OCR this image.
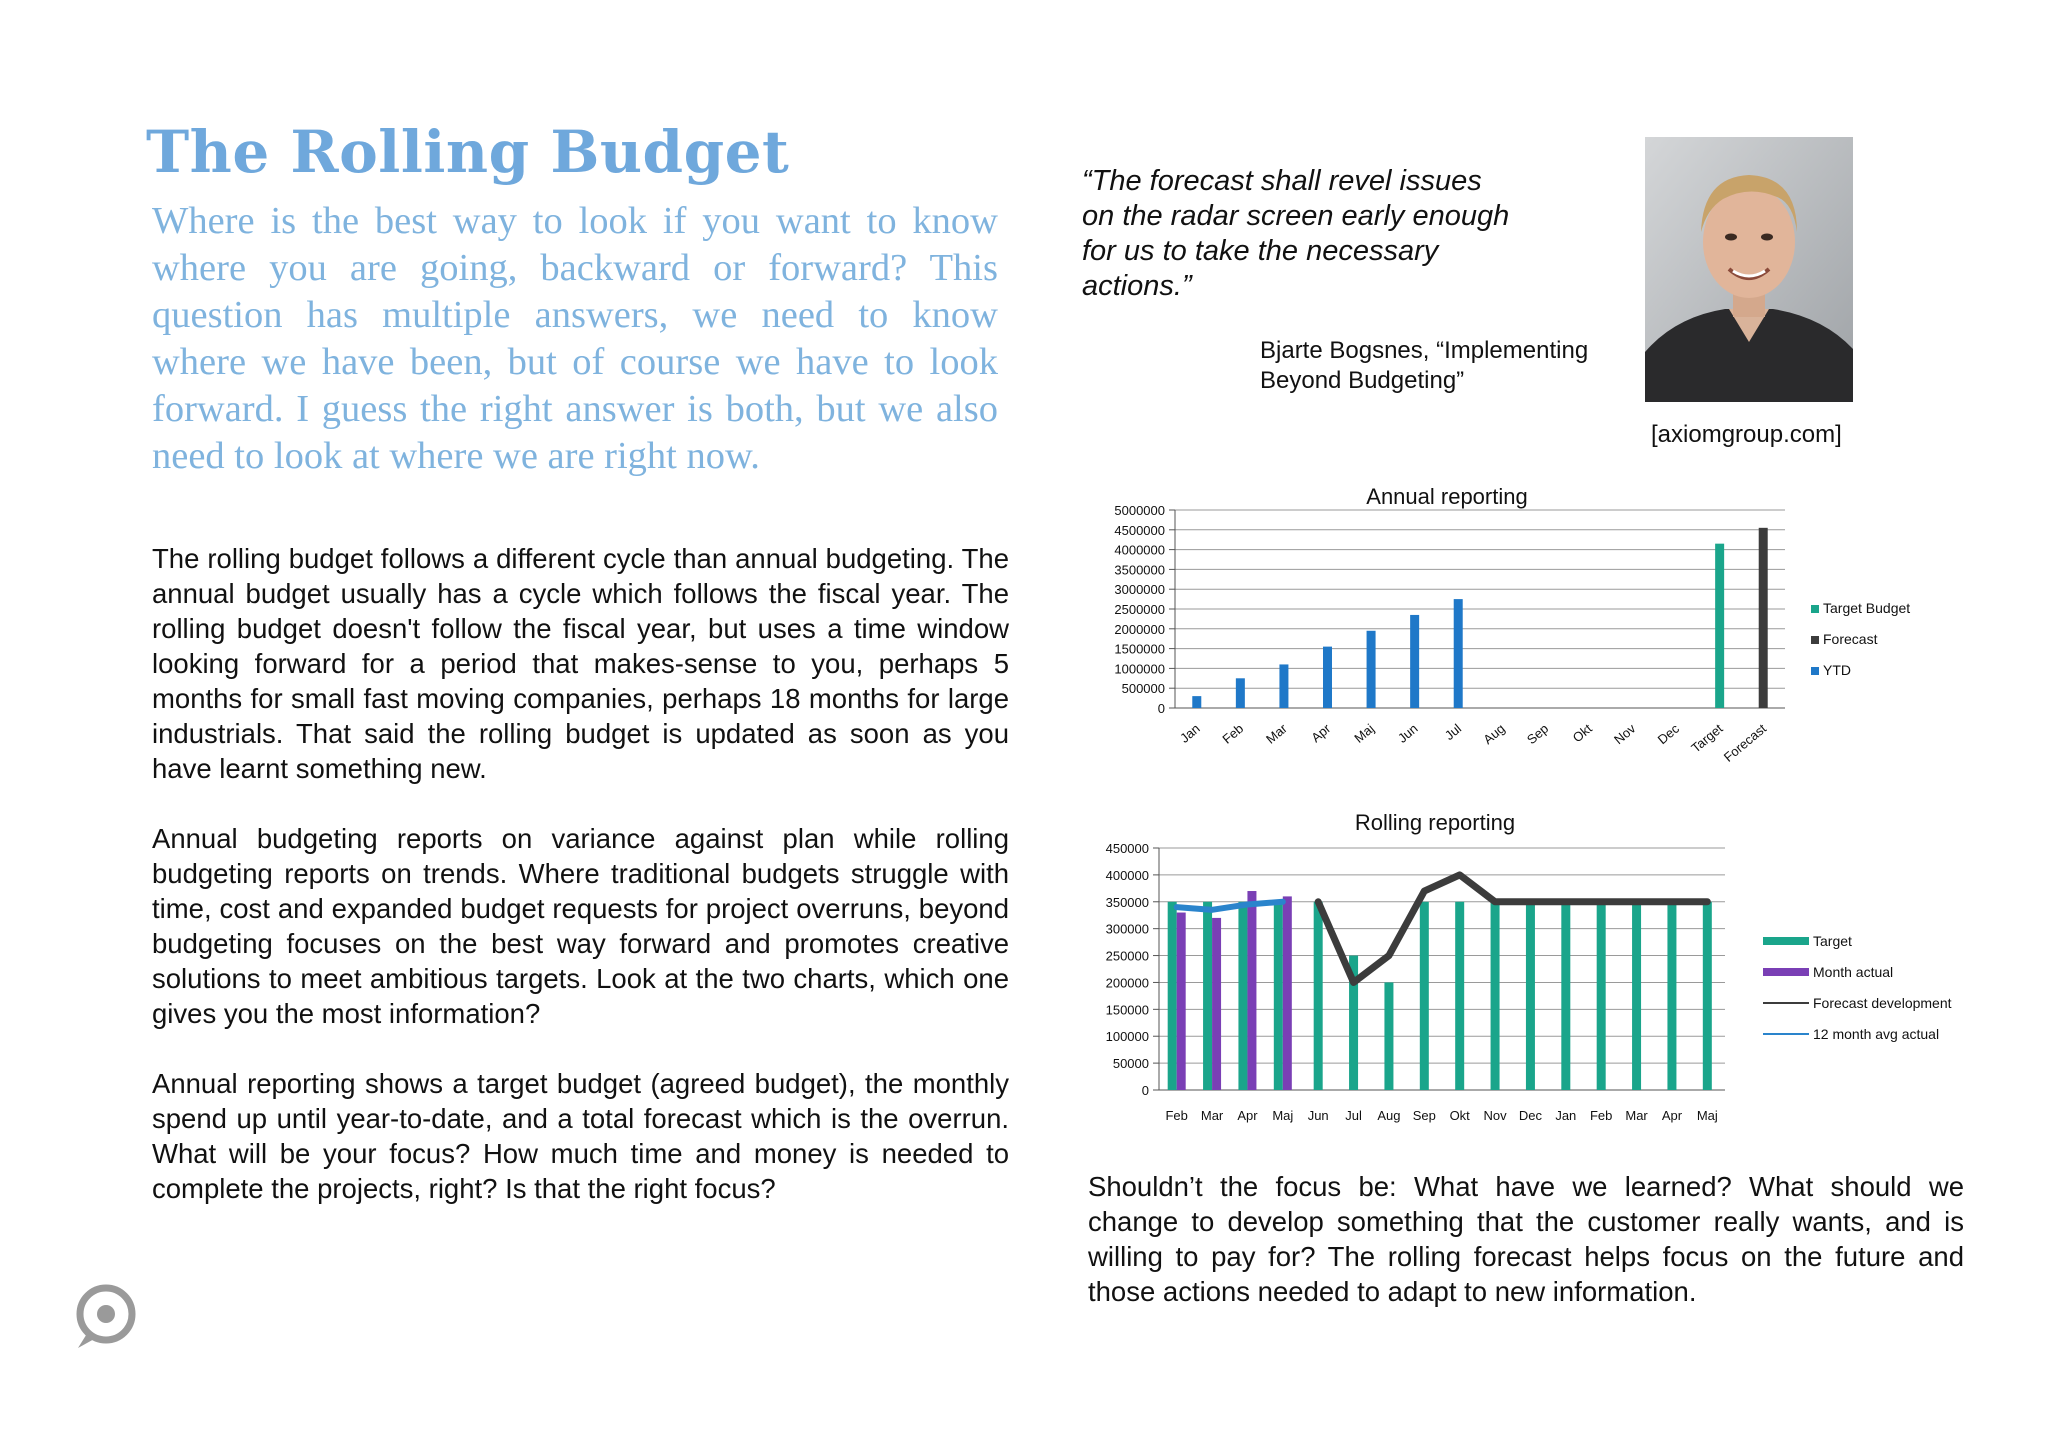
The Rolling Budget

Where is the best way to look if you want to know where you are going, backward or forward? This question has multiple answers, we need to know where we have been, but of course we have to look forward. I guess the right answer is both, but we also need to look at where we are right now.

The rolling budget follows a different cycle than annual budgeting. The annual budget usually has a cycle which follows the fiscal year. The rolling budget doesn't follow the fiscal year, but uses a time window looking forward for a period that makes-sense to you, perhaps 5 months for small fast moving companies, perhaps 18 months for large industrials. That said the rolling budget is updated as soon as you have learnt something new.

Annual budgeting reports on variance against plan while rolling budgeting reports on trends. Where traditional budgets struggle with time, cost and expanded budget requests for project overruns, beyond budgeting focuses on the best way forward and promotes creative solutions to meet ambitious targets. Look at the two charts, which one gives you the most information?

Annual reporting shows a target budget (agreed budget), the monthly spend up until year-to-date, and a total forecast which is the overrun. What will be your focus? How much time and money is needed to complete the projects, right? Is that the right focus?	Shouldn’t the focus be: What have we learned? What should we change to develop something that the customer really wants, and is willing to pay for? The rolling forecast helps focus on the future and those actions needed to adapt to new information.

“The forecast shall revel issues on the radar screen early enough for us to take the necessary actions.”

Bjarte Bogsnes, “Implementing Beyond Budgeting”

[axiomgroup.com]
Annual reporting
0
500000
1000000
1500000
2000000
2500000
3000000
3500000
4000000
4500000
5000000
Jan Feb Mar Apr Maj Jun Jul Aug Sep Okt Nov Dec Target
Forecast
Target Budget
Forecast
YTD
Rolling reporting
0
50000
100000
150000
200000
250000
300000
350000
400000
450000
Feb Mar Apr Maj Jun Jul Aug Sep Okt Nov Dec Jan Feb Mar Apr Maj
Target
Month actual
Forecast development
12 month avg actual
